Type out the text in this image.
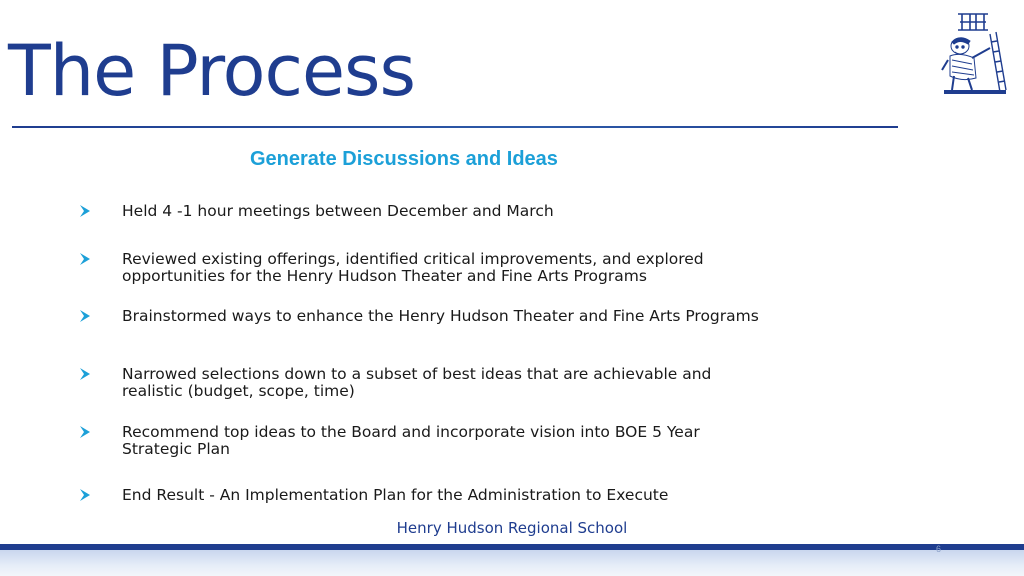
The Process
Generate Discussions and Ideas
Held 4 -1 hour meetings between December and March
Reviewed existing offerings, identified critical improvements, and explored opportunities for the Henry Hudson Theater and Fine Arts Programs
Brainstormed ways to enhance the Henry Hudson Theater and Fine Arts Programs
Narrowed selections down to a subset of best ideas that are achievable and realistic (budget, scope, time)
Recommend top ideas to the Board and incorporate vision into BOE 5 Year Strategic Plan
End Result - An Implementation Plan for the Administration to Execute
Henry Hudson Regional School
6
